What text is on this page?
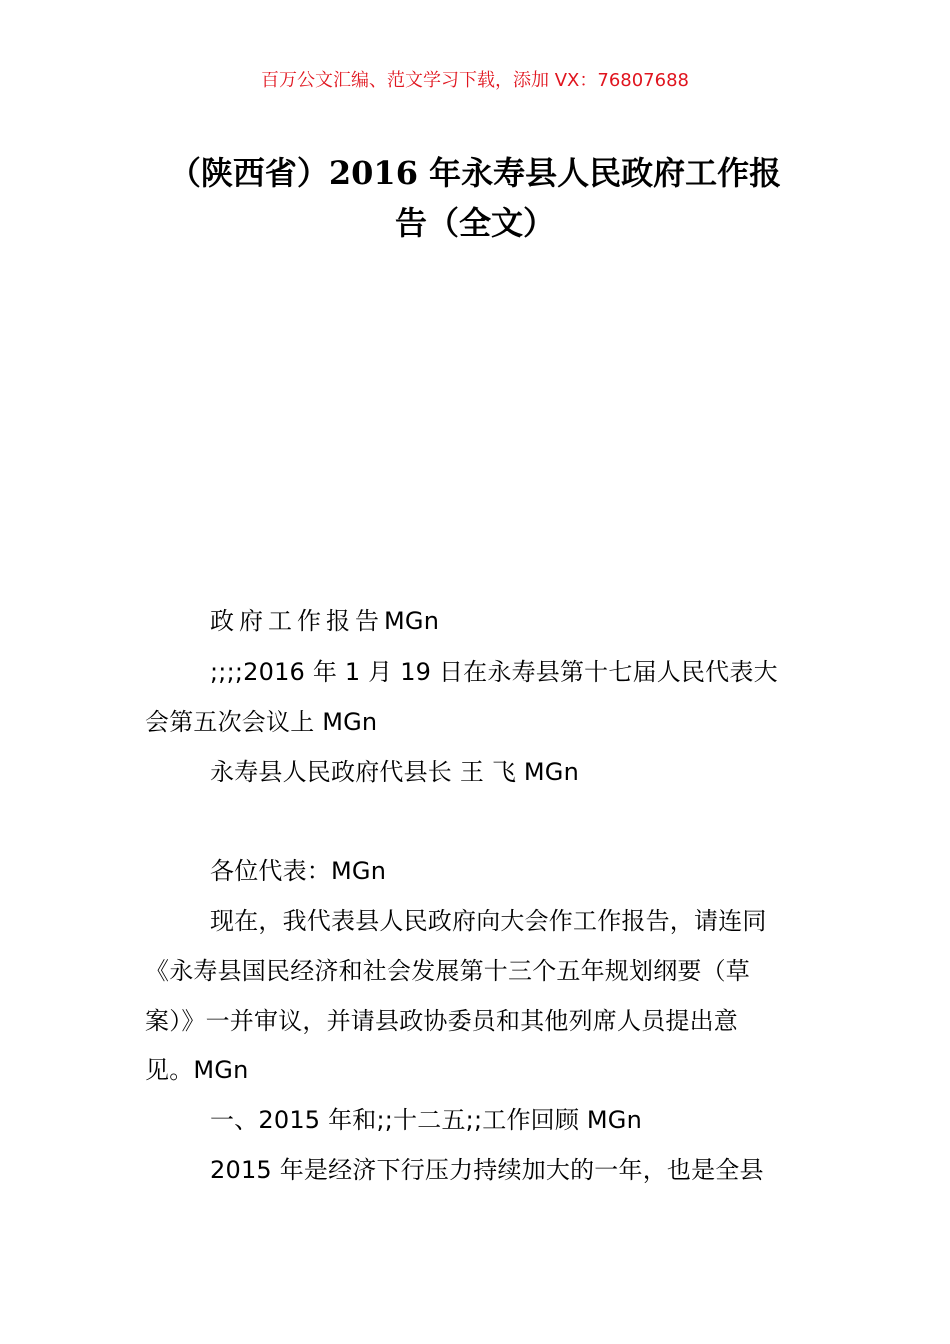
百万公文汇编、范文学习下载，添加 VX：76807688
（陕西省）2016 年永寿县人民政府工作报
告（全文）
政府工作报告MGn
;;;;2016 年 1 月 19 日在永寿县第十七届人民代表大
会第五次会议上 MGn
永寿县人民政府代县长 王 飞 MGn
各位代表：MGn
现在，我代表县人民政府向大会作工作报告，请连同
《永寿县国民经济和社会发展第十三个五年规划纲要（草
案）》一并审议，并请县政协委员和其他列席人员提出意
见。MGn
一、2015 年和;;十二五;;工作回顾 MGn
2015 年是经济下行压力持续加大的一年，也是全县
